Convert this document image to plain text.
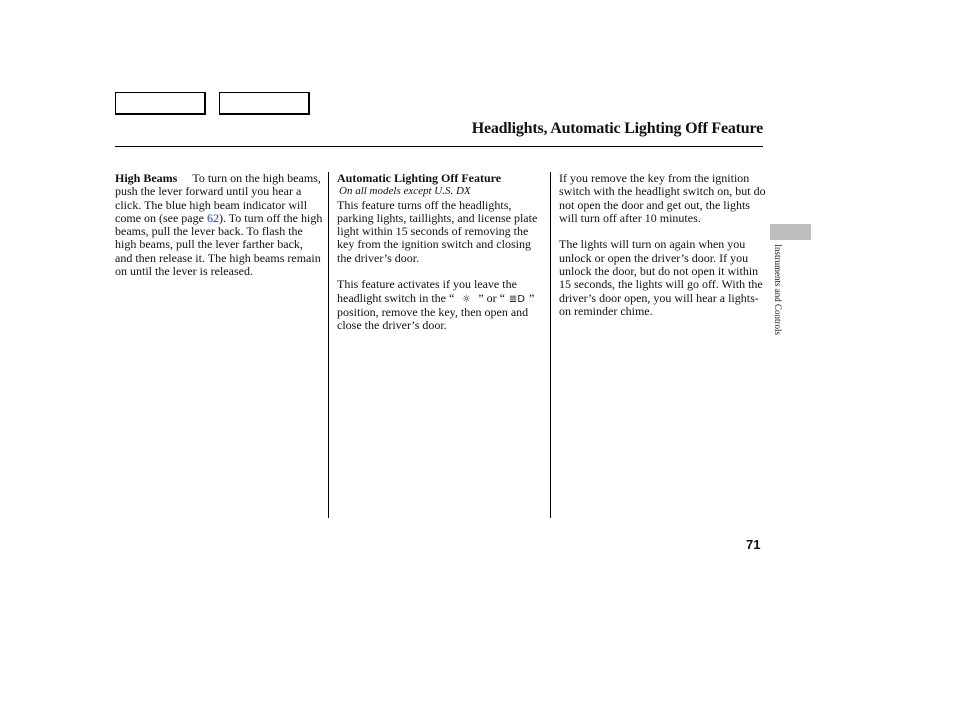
Headlights, Automatic Lighting Off Feature

High Beams To turn on the high beams, push the lever forward until you hear a click. The blue high beam indicator will come on (see page 62). To turn off the high beams, pull the lever back. To flash the high beams, pull the lever farther back, and then release it. The high beams remain on until the lever is released.

Automatic Lighting Off Feature
On all models except U.S. DX

This feature turns off the headlights, parking lights, taillights, and license plate light within 15 seconds of removing the key from the ignition switch and closing the driver’s door.

This feature activates if you leave the headlight switch in the “ ☼ ” or “ ≣D ” position, remove the key, then open and close the driver’s door.

If you remove the key from the ignition switch with the headlight switch on, but do not open the door and get out, the lights will turn off after 10 minutes.

The lights will turn on again when you unlock or open the driver’s door. If you unlock the door, but do not open it within 15 seconds, the lights will go off. With the driver’s door open, you will hear a lights-on reminder chime.	Instruments and Controls
71
